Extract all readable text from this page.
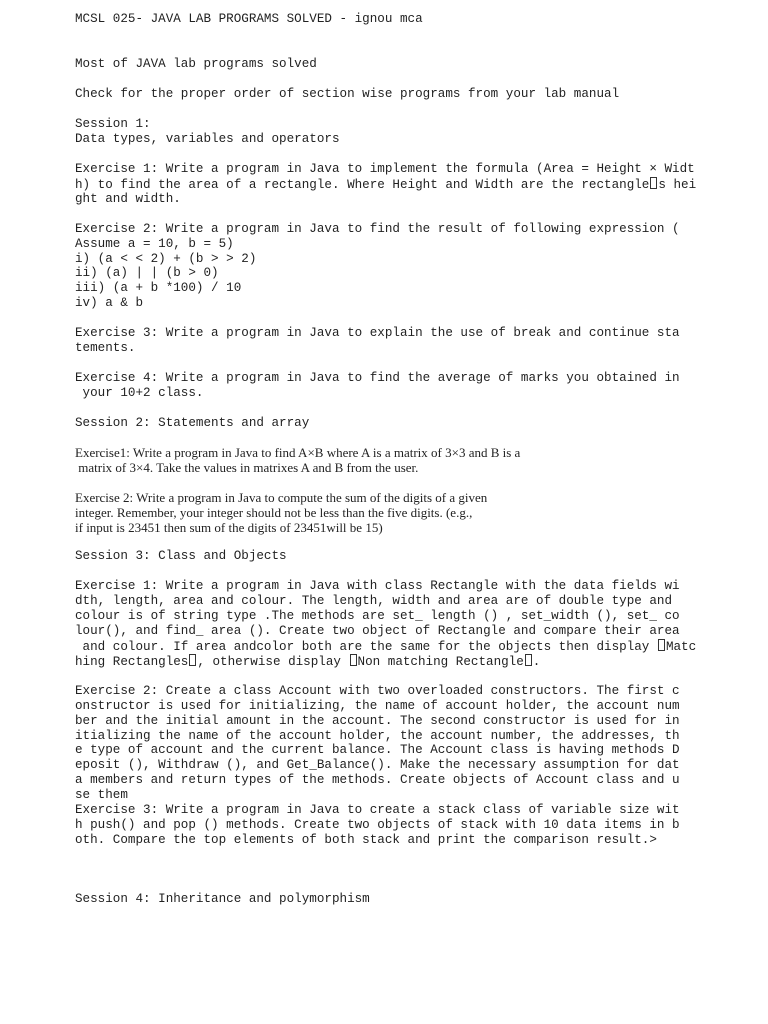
MCSL 025- JAVA LAB PROGRAMS SOLVED - ignou mca
Most of JAVA lab programs solved
Check for the proper order of section wise programs from your lab manual
Session 1:
Data types, variables and operators
Exercise 1: Write a program in Java to implement the formula (Area = Height × Widt
h) to find the area of a rectangle. Where Height and Width are the rectangle s hei
ght and width.
Exercise 2: Write a program in Java to find the result of following expression (
Assume a = 10, b = 5)
i) (a < < 2) + (b > > 2)
ii) (a) | | (b > 0)
iii) (a + b *100) / 10
iv) a & b
Exercise 3: Write a program in Java to explain the use of break and continue sta
tements.
Exercise 4: Write a program in Java to find the average of marks you obtained in
your 10+2 class.
Session 2: Statements and array
Exercise1: Write a program in Java to find A×B where A is a matrix of 3×3 and B is a
matrix of 3×4. Take the values in matrixes A and B from the user.
Exercise 2: Write a program in Java to compute the sum of the digits of a given
integer. Remember, your integer should not be less than the five digits. (e.g.,
if input is 23451 then sum of the digits of 23451will be 15)
Session 3: Class and Objects
Exercise 1: Write a program in Java with class Rectangle with the data fields wi
dth, length, area and colour. The length, width and area are of double type and
colour is of string type .The methods are set_ length () , set_width (), set_ co
lour(), and find_ area (). Create two object of Rectangle and compare their area
and colour. If area andcolor both are the same for the objects then display Matc
hing Rectangles , otherwise display Non matching Rectangle .
Exercise 2: Create a class Account with two overloaded constructors. The first c
onstructor is used for initializing, the name of account holder, the account num
ber and the initial amount in the account. The second constructor is used for in
itializing the name of the account holder, the account number, the addresses, th
e type of account and the current balance. The Account class is having methods D
eposit (), Withdraw (), and Get_Balance(). Make the necessary assumption for dat
a members and return types of the methods. Create objects of Account class and u
se them
Exercise 3: Write a program in Java to create a stack class of variable size wit
h push() and pop () methods. Create two objects of stack with 10 data items in b
oth. Compare the top elements of both stack and print the comparison result.>
Session 4: Inheritance and polymorphism
